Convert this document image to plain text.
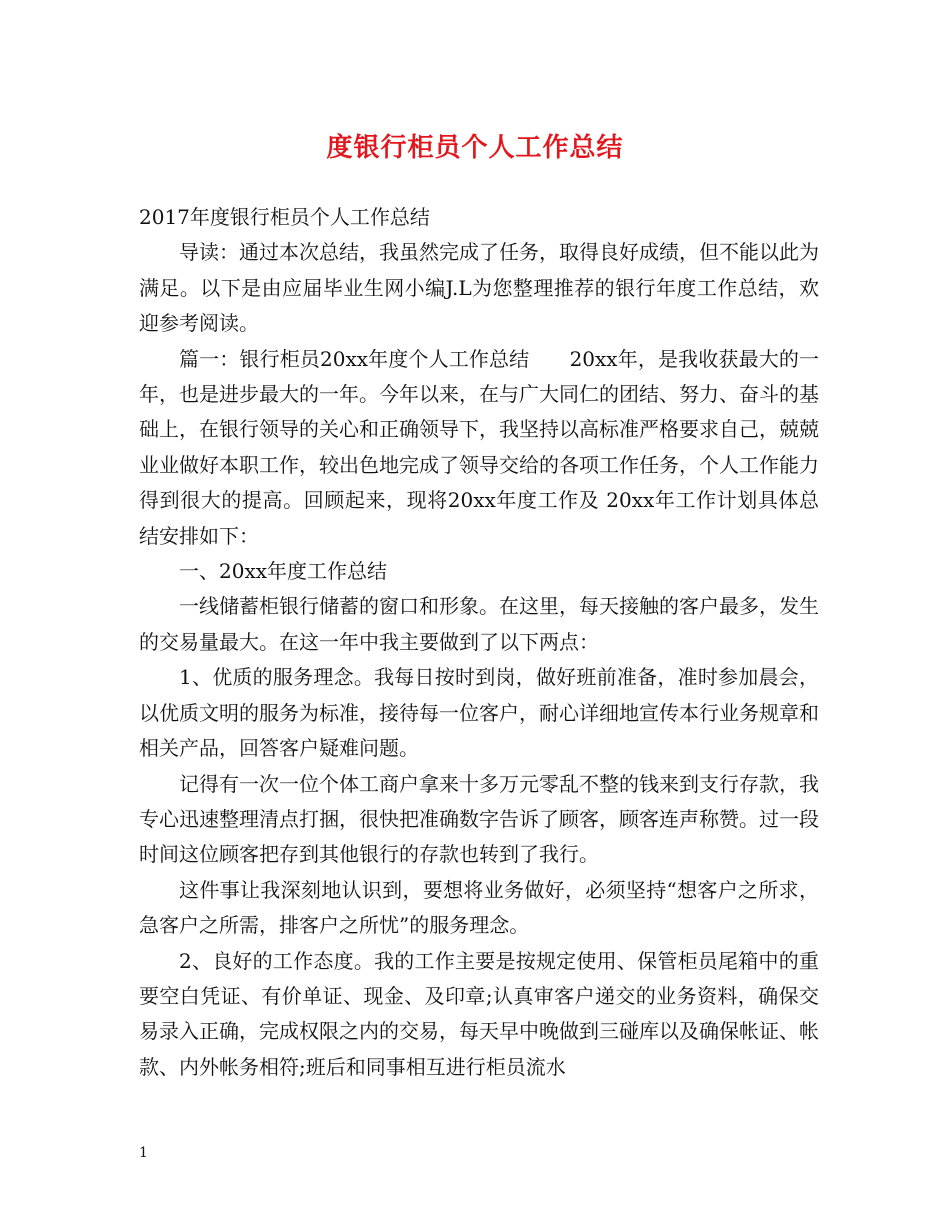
度银行柜员个人工作总结

2017年度银行柜员个人工作总结

导读：通过本次总结，我虽然完成了任务，取得良好成绩，但不能以此为满足。以下是由应届毕业生网小编J.L为您整理推荐的银行年度工作总结，欢迎参考阅读。

篇一：银行柜员20xx年度个人工作总结　　20xx年，是我收获最大的一年，也是进步最大的一年。今年以来，在与广大同仁的团结、努力、奋斗的基础上，在银行领导的关心和正确领导下，我坚持以高标准严格要求自己，兢兢业业做好本职工作，较出色地完成了领导交给的各项工作任务，个人工作能力得到很大的提高。回顾起来，现将20xx年度工作及 20xx年工作计划具体总结安排如下：

一、20xx年度工作总结

一线储蓄柜银行储蓄的窗口和形象。在这里，每天接触的客户最多，发生的交易量最大。在这一年中我主要做到了以下两点：

1、优质的服务理念。我每日按时到岗，做好班前准备，准时参加晨会，以优质文明的服务为标准，接待每一位客户，耐心详细地宣传本行业务规章和相关产品，回答客户疑难问题。

记得有一次一位个体工商户拿来十多万元零乱不整的钱来到支行存款，我专心迅速整理清点打捆，很快把准确数字告诉了顾客，顾客连声称赞。过一段时间这位顾客把存到其他银行的存款也转到了我行。

这件事让我深刻地认识到，要想将业务做好，必须坚持“想客户之所求，急客户之所需，排客户之所忧”的服务理念。

2、良好的工作态度。我的工作主要是按规定使用、保管柜员尾箱中的重要空白凭证、有价单证、现金、及印章;认真审客户递交的业务资料，确保交易录入正确，完成权限之内的交易，每天早中晚做到三碰库以及确保帐证、帐款、内外帐务相符;班后和同事相互进行柜员流水

1
